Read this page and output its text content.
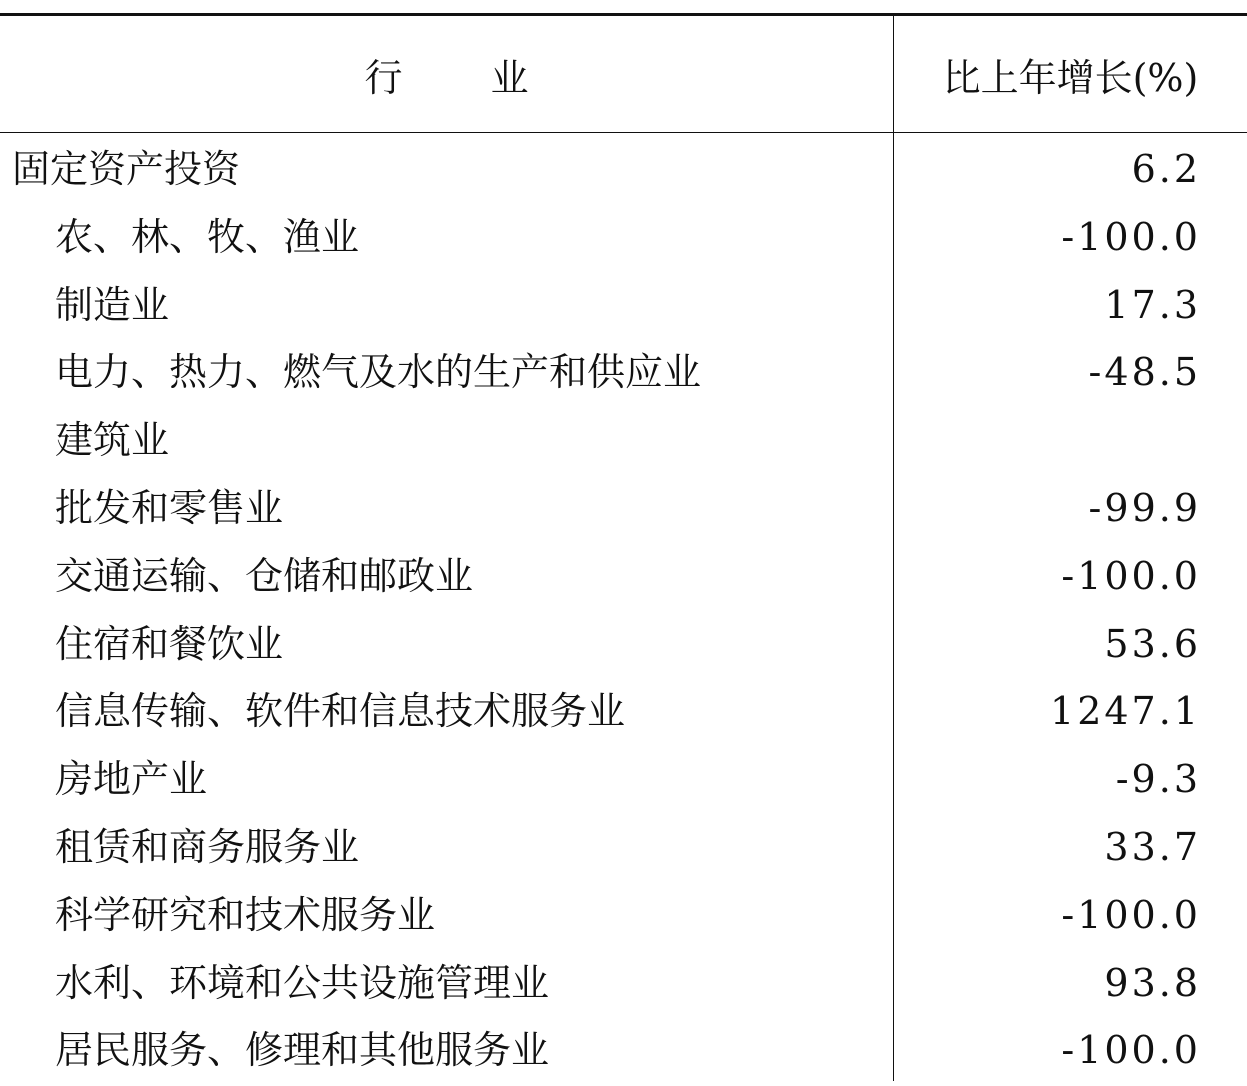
行业	比上年增长(%)
固定资产投资	6.2
农、林、牧、渔业	-100.0
制造业	17.3
电力、热力、燃气及水的生产和供应业	-48.5
建筑业
批发和零售业	-99.9
交通运输、仓储和邮政业	-100.0
住宿和餐饮业	53.6
信息传输、软件和信息技术服务业	1247.1
房地产业	-9.3
租赁和商务服务业	33.7
科学研究和技术服务业	-100.0
水利、环境和公共设施管理业	93.8
居民服务、修理和其他服务业	-100.0
